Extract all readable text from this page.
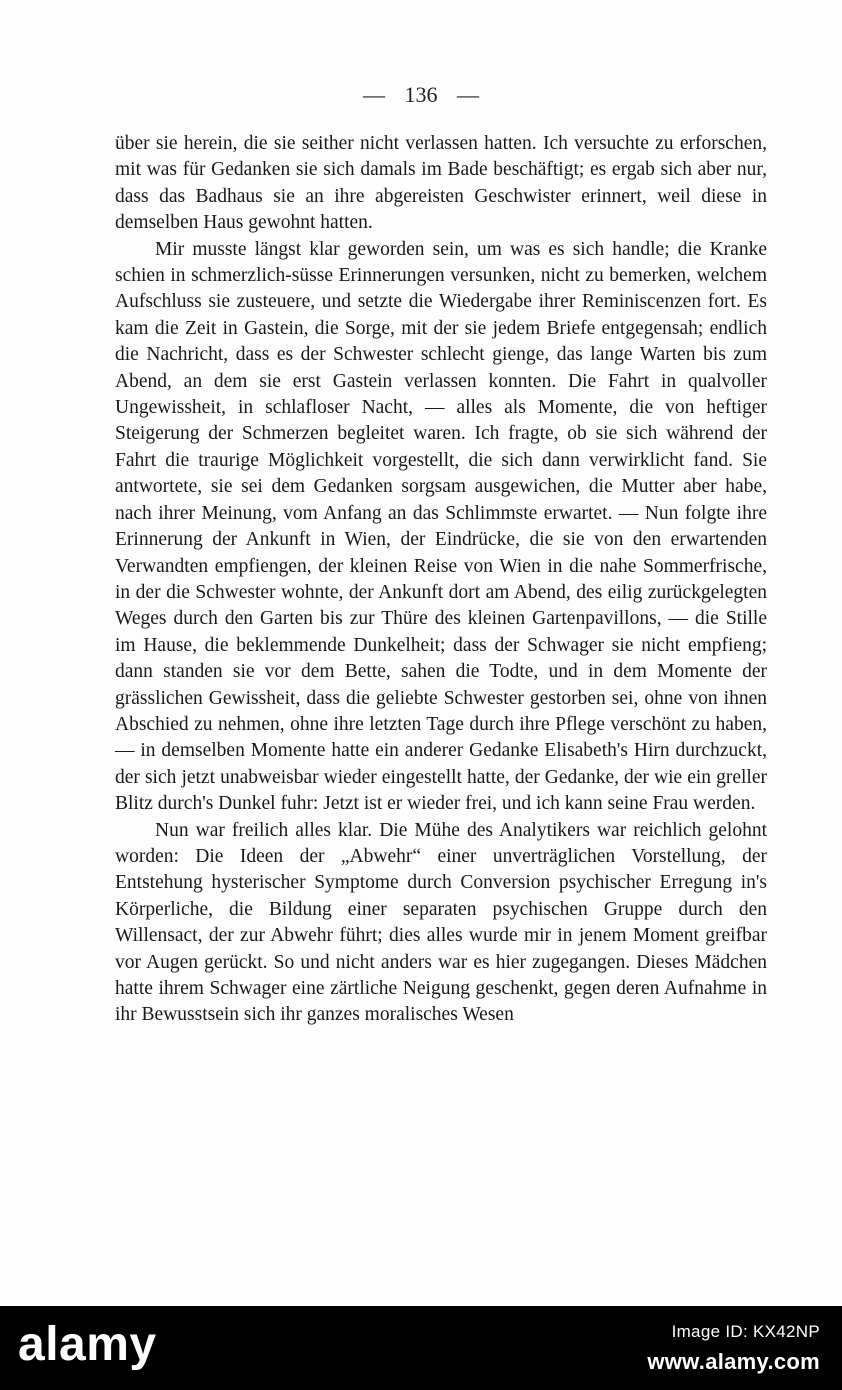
— 136 —

über sie herein, die sie seither nicht verlassen hatten. Ich versuchte zu erforschen, mit was für Gedanken sie sich damals im Bade beschäftigt; es ergab sich aber nur, dass das Badhaus sie an ihre abgereisten Geschwister erinnert, weil diese in demselben Haus gewohnt hatten.

Mir musste längst klar geworden sein, um was es sich handle; die Kranke schien in schmerzlich-süsse Erinnerungen versunken, nicht zu bemerken, welchem Aufschluss sie zusteuere, und setzte die Wiedergabe ihrer Reminiscenzen fort. Es kam die Zeit in Gastein, die Sorge, mit der sie jedem Briefe entgegensah; endlich die Nachricht, dass es der Schwester schlecht gienge, das lange Warten bis zum Abend, an dem sie erst Gastein verlassen konnten. Die Fahrt in qualvoller Ungewissheit, in schlafloser Nacht, — alles als Momente, die von heftiger Steigerung der Schmerzen begleitet waren. Ich fragte, ob sie sich während der Fahrt die traurige Möglichkeit vorgestellt, die sich dann verwirklicht fand. Sie antwortete, sie sei dem Gedanken sorgsam ausgewichen, die Mutter aber habe, nach ihrer Meinung, vom Anfang an das Schlimmste erwartet. — Nun folgte ihre Erinnerung der Ankunft in Wien, der Eindrücke, die sie von den erwartenden Verwandten empfiengen, der kleinen Reise von Wien in die nahe Sommerfrische, in der die Schwester wohnte, der Ankunft dort am Abend, des eilig zurückgelegten Weges durch den Garten bis zur Thüre des kleinen Gartenpavillons, — die Stille im Hause, die beklemmende Dunkelheit; dass der Schwager sie nicht empfieng; dann standen sie vor dem Bette, sahen die Todte, und in dem Momente der grässlichen Gewissheit, dass die geliebte Schwester gestorben sei, ohne von ihnen Abschied zu nehmen, ohne ihre letzten Tage durch ihre Pflege verschönt zu haben, — in demselben Momente hatte ein anderer Gedanke Elisabeth's Hirn durchzuckt, der sich jetzt unabweisbar wieder eingestellt hatte, der Gedanke, der wie ein greller Blitz durch's Dunkel fuhr: Jetzt ist er wieder frei, und ich kann seine Frau werden.

Nun war freilich alles klar. Die Mühe des Analytikers war reichlich gelohnt worden: Die Ideen der „Abwehr“ einer unverträglichen Vorstellung, der Entstehung hysterischer Symptome durch Conversion psychischer Erregung in's Körperliche, die Bildung einer separaten psychischen Gruppe durch den Willensact, der zur Abwehr führt; dies alles wurde mir in jenem Moment greifbar vor Augen gerückt. So und nicht anders war es hier zugegangen. Dieses Mädchen hatte ihrem Schwager eine zärtliche Neigung geschenkt, gegen deren Aufnahme in ihr Bewusstsein sich ihr ganzes moralisches Wesen

alamy	Image ID: KX42NP
www.alamy.com
